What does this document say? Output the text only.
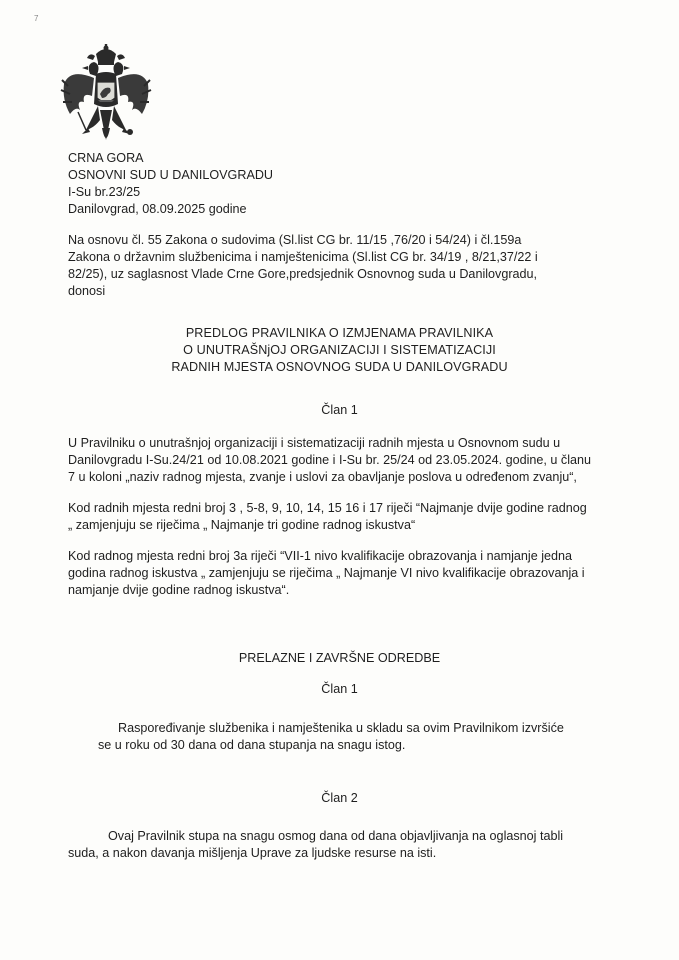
7
CRNA GORA
OSNOVNI SUD U DANILOVGRADU
I-Su br.23/25
Danilovgrad, 08.09.2025 godine
Na osnovu čl. 55 Zakona o sudovima (Sl.list CG br. 11/15 ,76/20 i 54/24) i čl.159a
Zakona o državnim službenicima i namještenicima (Sl.list CG br. 34/19 , 8/21,37/22 i
82/25), uz saglasnost Vlade Crne Gore,predsjednik Osnovnog suda u Danilovgradu,
donosi
PREDLOG PRAVILNIKA O IZMJENAMA PRAVILNIKA
O UNUTRAŠNjOJ ORGANIZACIJI I SISTEMATIZACIJI
RADNIH MJESTA OSNOVNOG SUDA U DANILOVGRADU
Član 1
U Pravilniku o unutrašnjoj organizaciji i sistematizaciji radnih mjesta u Osnovnom sudu u
Danilovgradu I-Su.24/21 od 10.08.2021 godine i I-Su br. 25/24 od 23.05.2024. godine, u članu
7 u koloni „naziv radnog mjesta, zvanje i uslovi za obavljanje poslova u određenom zvanju“,
Kod radnih mjesta redni broj 3 , 5-8, 9, 10, 14, 15 16 i 17 riječi “Najmanje dvije godine radnog
„ zamjenjuju se riječima „ Najmanje tri godine radnog iskustva“
Kod radnog mjesta redni broj 3a riječi “VII-1 nivo kvalifikacije obrazovanja i namjanje jedna
godina radnog iskustva „ zamjenjuju se riječima „ Najmanje VI nivo kvalifikacije obrazovanja i
namjanje dvije godine radnog iskustva“.
PRELAZNE I ZAVRŠNE ODREDBE
Član 1
Raspoređivanje službenika i namještenika u skladu sa ovim Pravilnikom izvršiće
se u roku od 30 dana od dana stupanja na snagu istog.
Član 2
Ovaj Pravilnik stupa na snagu osmog dana od dana objavljivanja na oglasnoj tabli
suda, a nakon davanja mišljenja Uprave za ljudske resurse na isti.
